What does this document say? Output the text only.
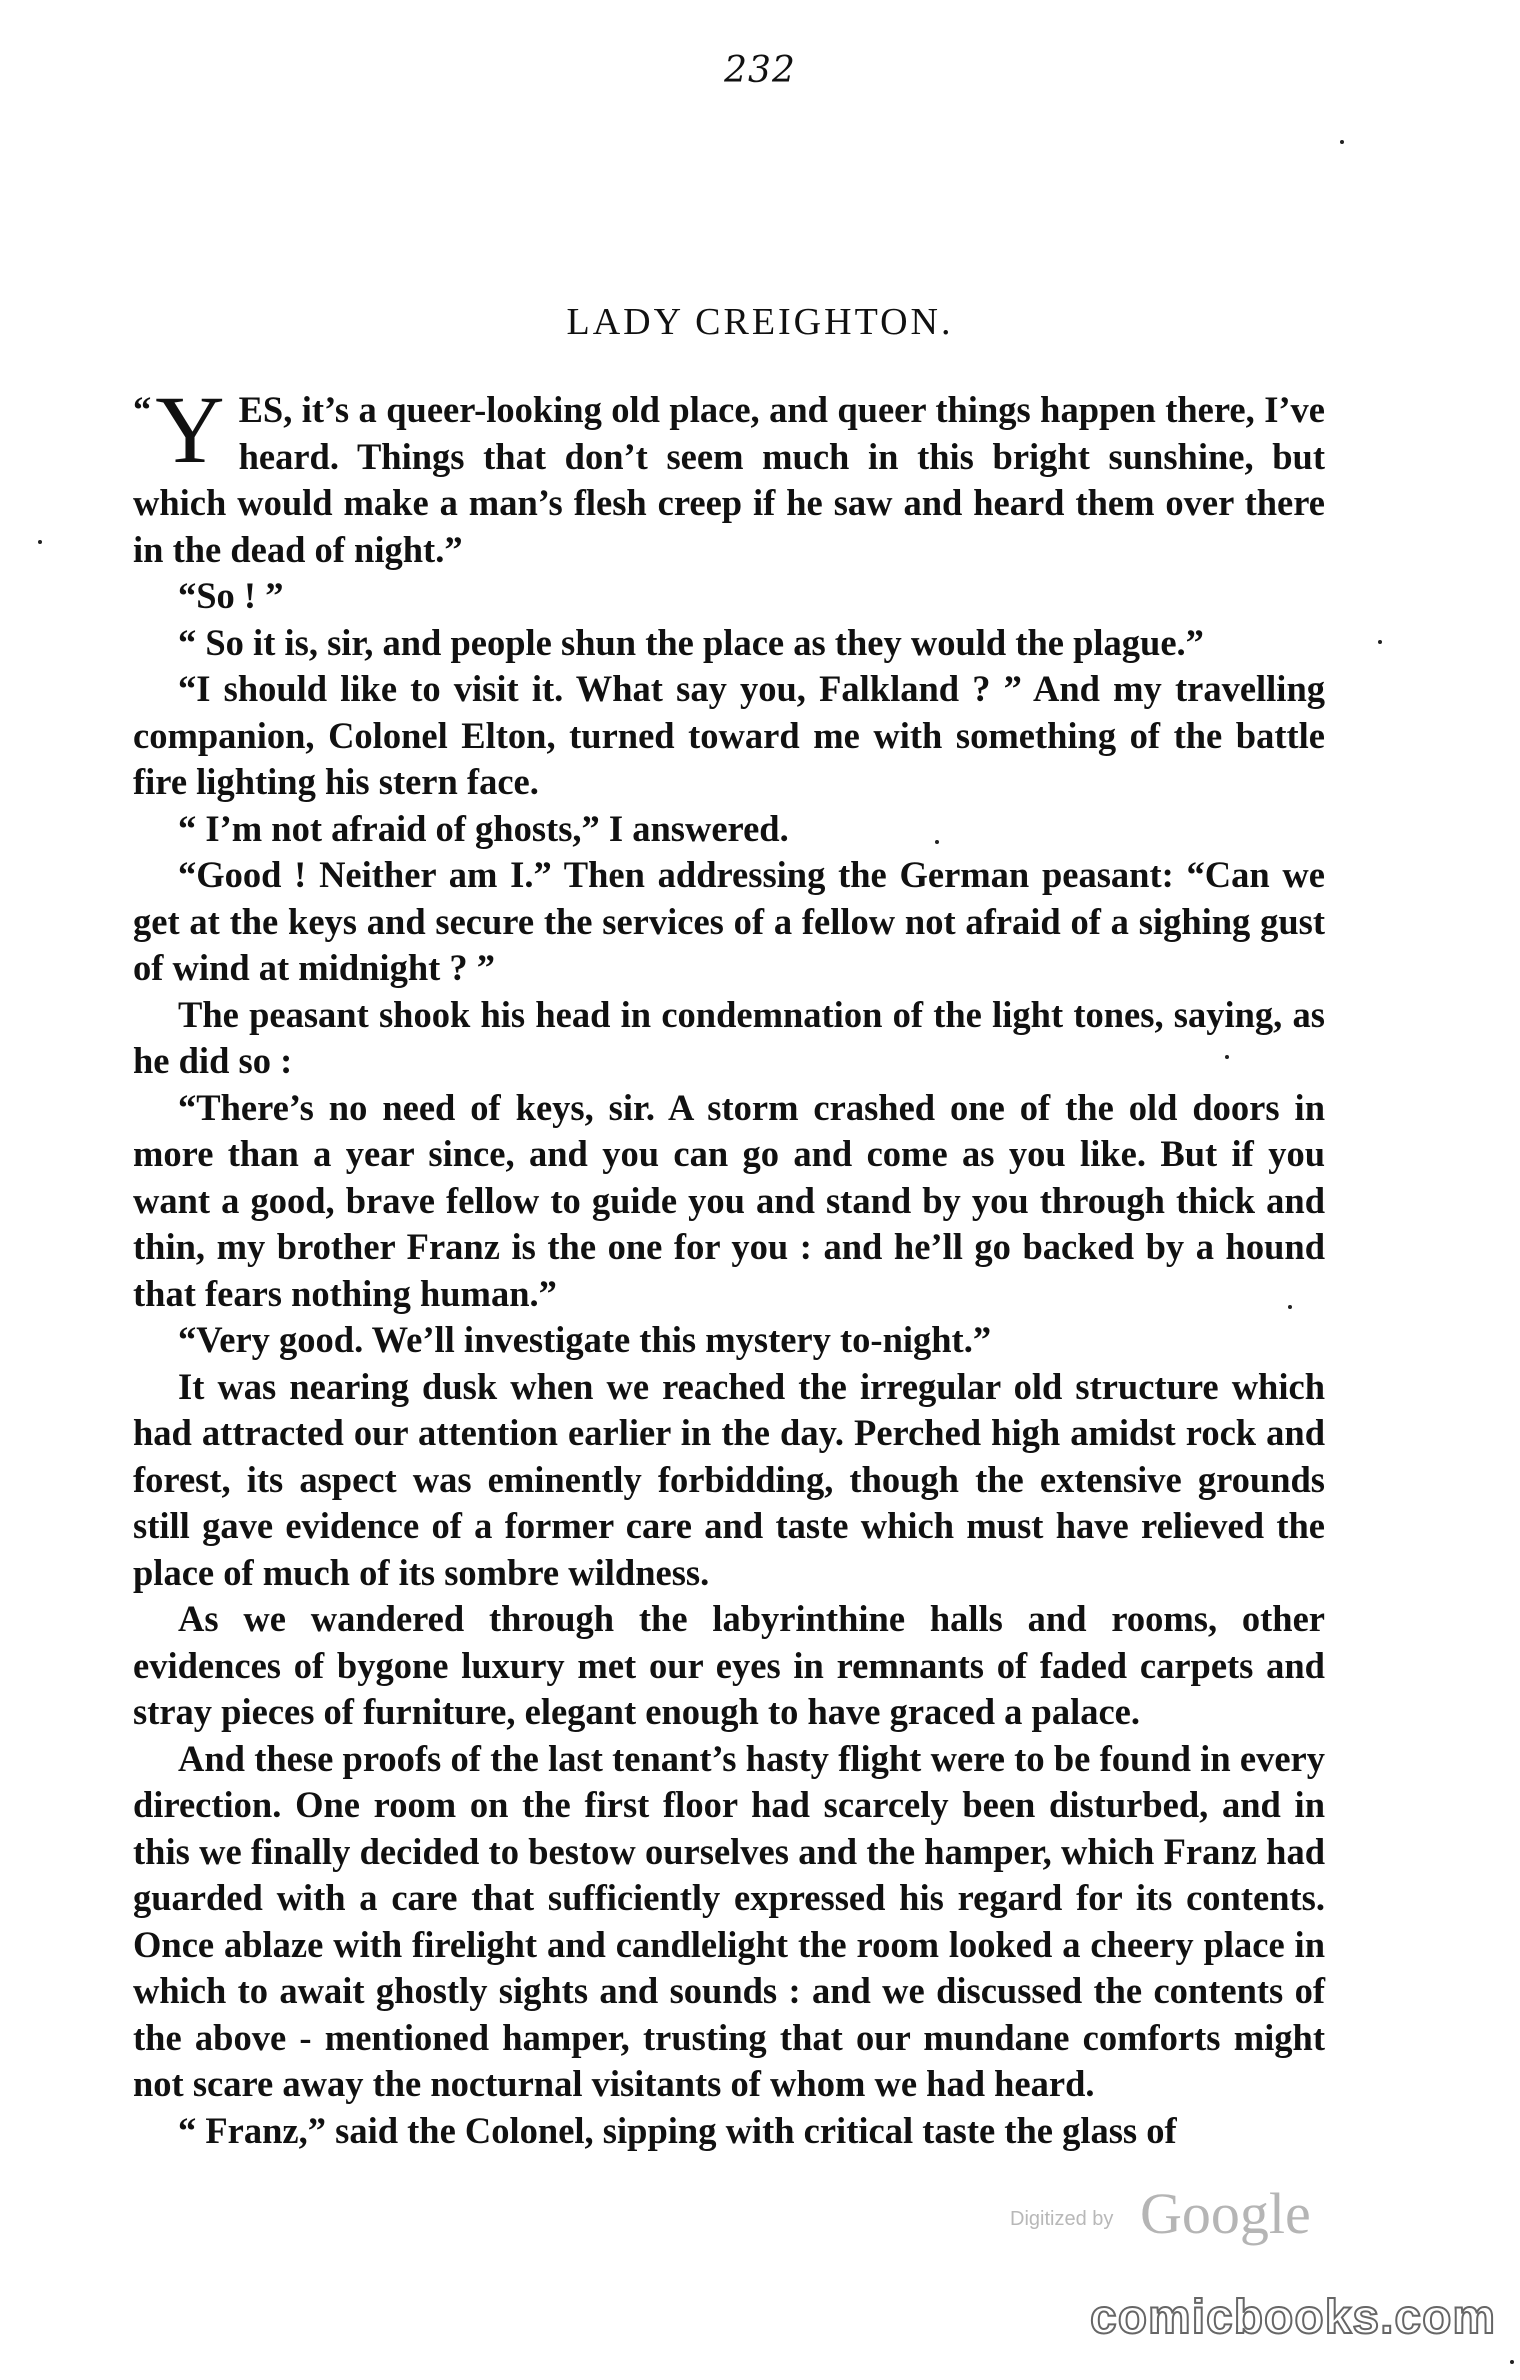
232
LADY CREIGHTON.

“ Y ES, it’s a queer-looking old place, and queer things happen there, I’ve heard. Things that don’t seem much in this bright sunshine, but which would make a man’s flesh creep if he saw and heard them over there in the dead of night.”

“So ! ”

“ So it is, sir, and people shun the place as they would the plague.”

“I should like to visit it. What say you, Falkland ? ” And my travelling companion, Colonel Elton, turned toward me with something of the battle fire lighting his stern face.

“ I’m not afraid of ghosts,” I answered.

“Good ! Neither am I.” Then addressing the German peasant: “Can we get at the keys and secure the services of a fellow not afraid of a sighing gust of wind at midnight ? ”

The peasant shook his head in condemnation of the light tones, saying, as he did so :

“There’s no need of keys, sir. A storm crashed one of the old doors in more than a year since, and you can go and come as you like. But if you want a good, brave fellow to guide you and stand by you through thick and thin, my brother Franz is the one for you : and he’ll go backed by a hound that fears nothing human.”

“Very good. We’ll investigate this mystery to-night.”

It was nearing dusk when we reached the irregular old structure which had attracted our attention earlier in the day. Perched high amidst rock and forest, its aspect was eminently forbidding, though the extensive grounds still gave evidence of a former care and taste which must have relieved the place of much of its sombre wildness.

As we wandered through the labyrinthine halls and rooms, other evidences of bygone luxury met our eyes in remnants of faded carpets and stray pieces of furniture, elegant enough to have graced a palace.

And these proofs of the last tenant’s hasty flight were to be found in every direction. One room on the first floor had scarcely been disturbed, and in this we finally decided to bestow ourselves and the hamper, which Franz had guarded with a care that sufficiently expressed his regard for its contents. Once ablaze with firelight and candlelight the room looked a cheery place in which to await ghostly sights and sounds : and we discussed the contents of the above - mentioned hamper, trusting that our mundane comforts might not scare away the nocturnal visitants of whom we had heard.

“ Franz,” said the Colonel, sipping with critical taste the glass of

Digitized by Google
comicbooks.com
